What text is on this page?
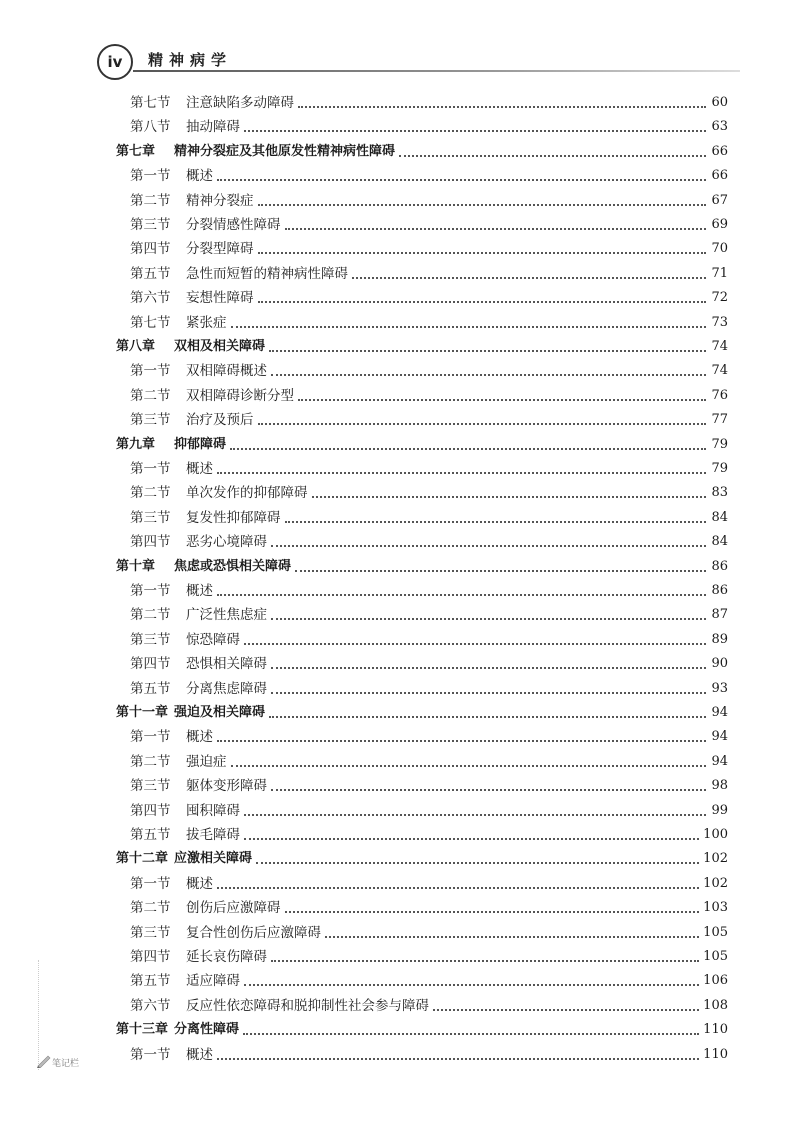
iv	精神病学
第七节	注意缺陷多动障碍	60
第八节	抽动障碍	63
第七章	精神分裂症及其他原发性精神病性障碍	66
第一节	概述	66
第二节	精神分裂症	67
第三节	分裂情感性障碍	69
第四节	分裂型障碍	70
第五节	急性而短暂的精神病性障碍	71
第六节	妄想性障碍	72
第七节	紧张症	73
第八章	双相及相关障碍	74
第一节	双相障碍概述	74
第二节	双相障碍诊断分型	76
第三节	治疗及预后	77
第九章	抑郁障碍	79
第一节	概述	79
第二节	单次发作的抑郁障碍	83
第三节	复发性抑郁障碍	84
第四节	恶劣心境障碍	84
第十章	焦虑或恐惧相关障碍	86
第一节	概述	86
第二节	广泛性焦虑症	87
第三节	惊恐障碍	89
第四节	恐惧相关障碍	90
第五节	分离焦虑障碍	93
第十一章 强迫及相关障碍	94
第一节	概述	94
第二节	强迫症	94
第三节	躯体变形障碍	98
第四节	囤积障碍	99
第五节	拔毛障碍	100
第十二章 应激相关障碍	102
第一节	概述	102
第二节	创伤后应激障碍	103
第三节	复合性创伤后应激障碍	105
第四节	延长哀伤障碍	105
第五节	适应障碍	106
第六节	反应性依恋障碍和脱抑制性社会参与障碍	108
第十三章 分离性障碍	110
第一节	概述	110
笔记栏
